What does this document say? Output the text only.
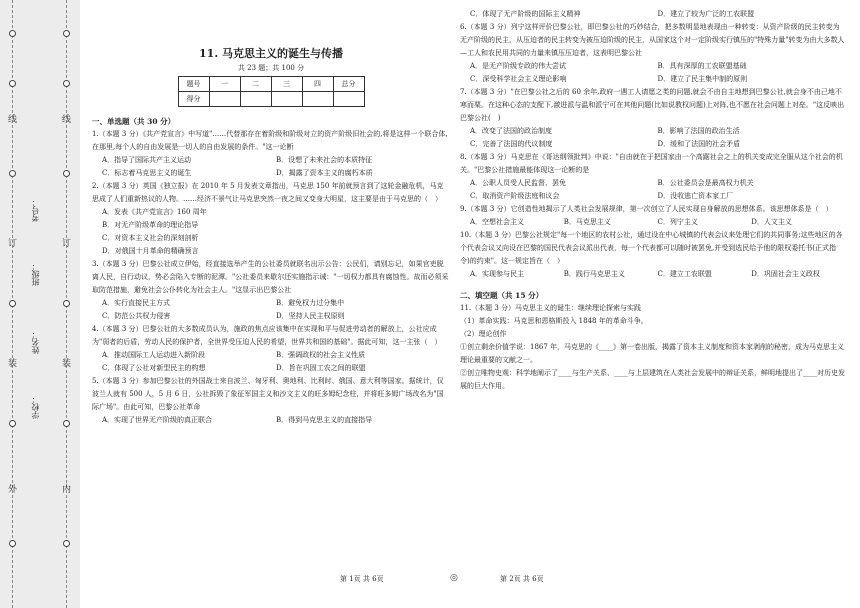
线
订
装
外
线
订
装
内
学校：
姓名：
班级：
考号：
11. 马克思主义的诞生与传播
共 23 题；共 100 分
题号	一	二	三	四	总分
得分					
一、单选题（共 30 分）

1.（本题 3 分）《共产党宣言》中写道"……代替那存在着阶级和阶级对立的资产阶级旧社会的,将是这样一个联合体,在那里,每个人的自由发展是一切人的自由发展的条件。"这一论断

A．指导了国际共产主义运动	B．设想了未来社会的本质特征
C．标志着马克思主义的诞生	D．揭露了资本主义的腐朽本质

2.（本题 3 分）英国《独立报》在 2010 年 5 月发表文章指出，马克思 150 年前就预言到了这轮金融危机，马克思成了人们重新热议的人物。……经济不景气让马克思突然一夜之间又变身大明星，这主要是由于马克思的（　）

A．发表《共产党宣言》160 周年
B．对无产阶级革命的理论指导
C．对资本主义社会的深刻剖析
D．对俄国十月革命的精确预言

3.（本题 3 分）巴黎公社成立伊始，经直接选举产生的公社委员就联名出示公告：公民们，请别忘记，如果官吏脱离人民，自行动议，势必会陷入专断的泥潭。"公社委员来歇尔还实施指示诫："一切权力都具有腐蚀性。故而必须采取防范措施，避免社会公仆转化为社会主人。"这显示出巴黎公社

A．实行直接民主方式	B．避免权力过分集中
C．防范公共权力侵害	D．坚持人民主权原则

4.（本题 3 分）巴黎公社的大多数成员认为，施政的焦点应该集中在实现和平与促进劳动者的解放上，公社应成为"弱者的后盾，劳动人民的保护者，全世界受压迫人民的希望，世界共和国的基础"。据此可知，这一主张（　）

A．推动国际工人运动进入新阶段	B．强调政权的社会主义性质
C．体现了公社对新型民主的构想	D．旨在巩固工农之间的联盟

5.（本题 3 分）参加巴黎公社的外国战士来自波兰、匈牙利、奥地利、比利时、俄国、意大利等国家。据统计，仅波兰人就有 500 人，5 月 6 日，公社拆毁了象征军国主义和沙文主义的旺多姆纪念柱，并将旺多姆广场改名为"国际广场"。由此可知，巴黎公社革命

A．实现了世界无产阶级的真正联合	B．得到马克思主义的直接指导
C．体现了无产阶级的国际主义精神	D．建立了较为广泛的工农联盟

6.（本题 3 分）列宁这样评价巴黎公社，即巴黎公社的巧妙结合，把多数明显地表现由一种转变：从资产阶级的民主转变为无产阶级的民主，从压迫者的民主转变为被压迫阶级的民主，从国家这个对一定阶级实行镇压的"特殊力量"转变为由大多数人—工人和农民用共同的力量来镇压压迫者，这表明巴黎公社

A．是无产阶级专政的伟大尝试	B．具有深厚的工农联盟基础
C．深受科学社会主义理论影响	D．建立了民主集中制的原则

7.（本题 3 分）"在巴黎公社之后的 60 余年,政府一遇工人请愿之类的问题,就会不由自主地想到巴黎公社,就会身不由己地不寒而栗。在这种心态的支配下,激进派与温和派宁可在其他问题(比如说教权问题)上对阵,也不愿在社会问题上对垒。"这反映出巴黎公社(　)

A．改变了法国的政治制度	B．影响了法国的政治生活
C．完善了法国的代议制度	D．缓和了法国的社会矛盾

8.（本题 3 分）马克思在《哥达纲领批判》中说："自由就在于把国家由一个高踞社会之上的机关变成完全服从这个社会的机关。"巴黎公社措施最能体现这一论断的是

A．公职人员受人民监督、罢免	B．公社委员会是最高权力机关
C．取消资产阶级法庭和议会	D．没收逃亡资本家工厂

9.（本题 3 分）它创造性地揭示了人类社会发展规律，第一次创立了人民实现自身解放的思想体系。该思想体系是（　）

A．空想社会主义	B．马克思主义	C．列宁主义	D．人文主义

10.（本题 3 分）巴黎公社规定"每一个地区的农村公社，通过设在中心城镇的代表会议来处理它们的共同事务;这些地区的各个代表会议又向设在巴黎的国民代表会议派出代表，每一个代表都可以随时被罢免,并受到选民给予他的限权委托书(正式指令)的约束"。这一规定旨在（　）

A．实现参与民主	B．践行马克思主义	C．建立工农联盟	D．巩固社会主义政权
二、填空题（共 15 分）

11.（本题 3 分）马克思主义的诞生：继续理论探索与实践

（1）革命实践：马克思和恩格斯投入 1848 年的革命斗争。

（2）理论创作

①创立剩余价值学说：1867 年，马克思的《____》第一卷出版，揭露了资本主义制度和资本家剥削的秘密，成为马克思主义理论最重要的文献之一。

②创立唯物史观：科学地阐示了____与生产关系、____与上层建筑在人类社会发展中的辩证关系，鲜明地提出了____对历史发展的巨大作用。

第 1页 共 6页	◎	第 2页 共 6页
